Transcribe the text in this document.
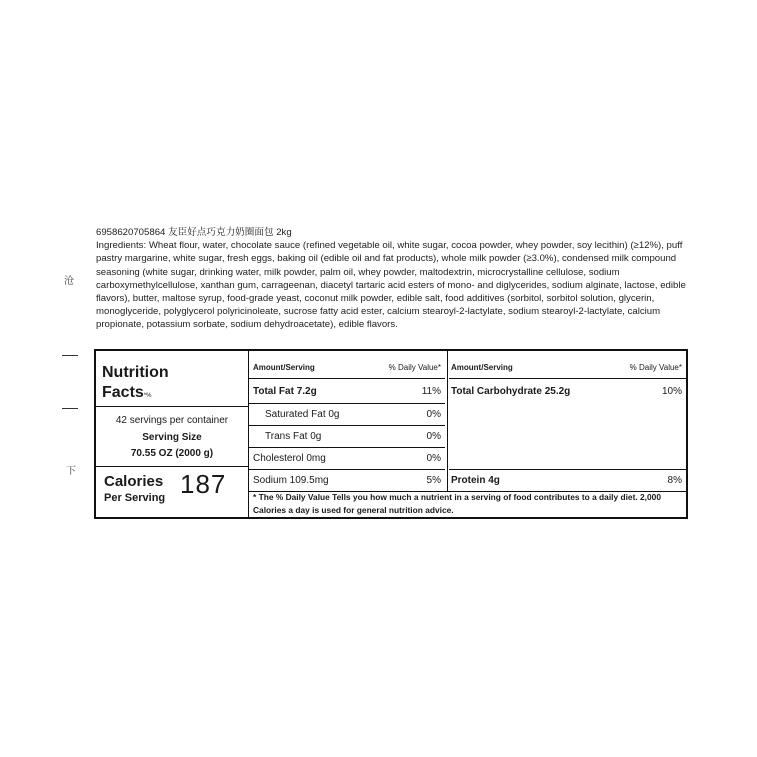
沧
下
6958620705864 友臣好点巧克力奶圈面包 2kg
Ingredients: Wheat flour, water, chocolate sauce (refined vegetable oil, white sugar, cocoa powder, whey powder, soy lecithin) (≥12%), puff pastry margarine, white sugar, fresh eggs, baking oil (edible oil and fat products), whole milk powder (≥3.0%), condensed milk compound seasoning (white sugar, drinking water, milk powder, palm oil, whey powder, maltodextrin, microcrystalline cellulose, sodium carboxymethylcellulose, xanthan gum, carrageenan, diacetyl tartaric acid esters of mono- and diglycerides, sodium alginate, lactose, edible flavors), butter, maltose syrup, food-grade yeast, coconut milk powder, edible salt, food additives (sorbitol, sorbitol solution, glycerin, monoglyceride, polyglycerol polyricinoleate, sucrose fatty acid ester, calcium stearoyl-2-lactylate, sodium stearoyl-2-lactylate, calcium propionate, potassium sorbate, sodium dehydroacetate), edible flavors.
Nutrition
Facts*%
42 servings per container
Serving Size
70.55 OZ (2000 g)
Calories
Per Serving 187
Amount/Serving	% Daily Value*
Total Fat 7.2g	11%
Saturated Fat 0g	0%
Trans Fat 0g	0%
Cholesterol 0mg	0%
Sodium 109.5mg	5%
Amount/Serving	% Daily Value*
Total Carbohydrate 25.2g	10%
Protein 4g	8%
* The % Daily Value Tells you how much a nutrient in a serving of food contributes to a daily diet. 2,000 Calories a day is used for general nutrition advice.
